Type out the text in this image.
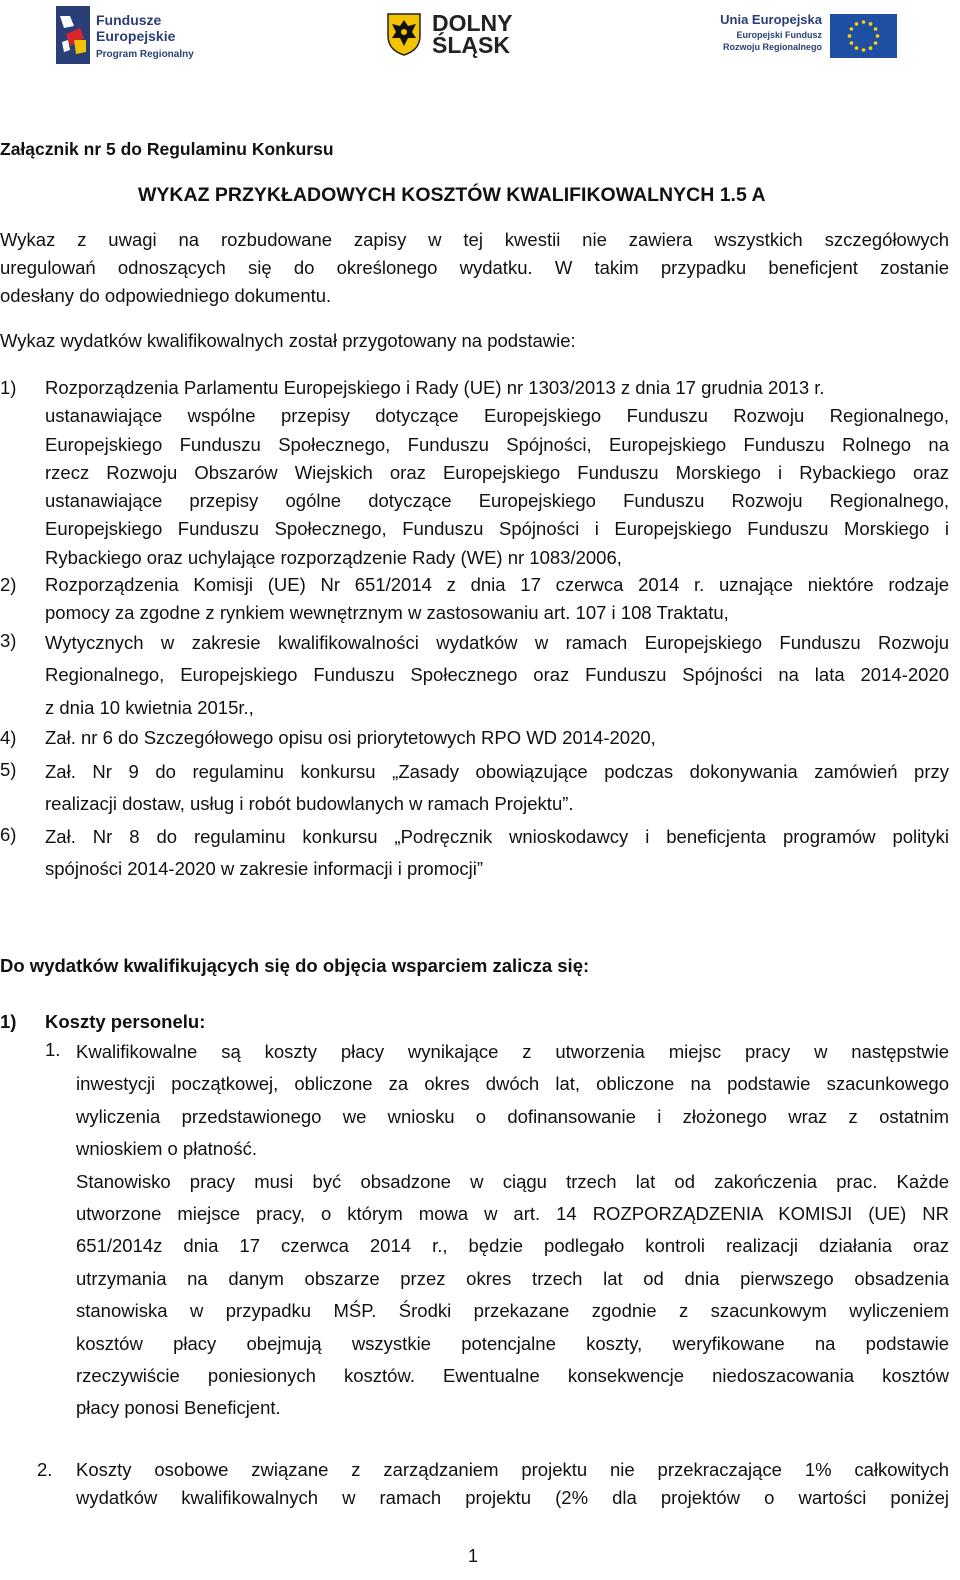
Fundusze
Europejskie
Program Regionalny
DOLNY
ŚLĄSK
Unia Europejska
Europejski Fundusz
Rozwoju Regionalnego
Załącznik nr 5 do Regulaminu Konkursu
WYKAZ PRZYKŁADOWYCH KOSZTÓW KWALIFIKOWALNYCH 1.5 A
Wykaz z uwagi na rozbudowane zapisy w tej kwestii nie zawiera wszystkich szczegółowych
uregulowań odnoszących się do określonego wydatku. W takim przypadku beneficjent zostanie
odesłany do odpowiedniego dokumentu.
Wykaz wydatków kwalifikowalnych został przygotowany na podstawie:
1) Rozporządzenia Parlamentu Europejskiego i Rady (UE) nr 1303/2013 z dnia 17 grudnia 2013 r.
ustanawiające wspólne przepisy dotyczące Europejskiego Funduszu Rozwoju Regionalnego,
Europejskiego Funduszu Społecznego, Funduszu Spójności, Europejskiego Funduszu Rolnego na
rzecz Rozwoju Obszarów Wiejskich oraz Europejskiego Funduszu Morskiego i Rybackiego oraz
ustanawiające przepisy ogólne dotyczące Europejskiego Funduszu Rozwoju Regionalnego,
Europejskiego Funduszu Społecznego, Funduszu Spójności i Europejskiego Funduszu Morskiego i
Rybackiego oraz uchylające rozporządzenie Rady (WE) nr 1083/2006,
2) Rozporządzenia Komisji (UE) Nr 651/2014 z dnia 17 czerwca 2014 r. uznające niektóre rodzaje
pomocy za zgodne z rynkiem wewnętrznym w zastosowaniu art. 107 i 108 Traktatu,
3) Wytycznych w zakresie kwalifikowalności wydatków w ramach Europejskiego Funduszu Rozwoju
Regionalnego, Europejskiego Funduszu Społecznego oraz Funduszu Spójności na lata 2014-2020
z dnia 10 kwietnia 2015r.,
4) Zał. nr 6 do Szczegółowego opisu osi priorytetowych RPO WD 2014-2020,
5) Zał. Nr 9 do regulaminu konkursu „Zasady obowiązujące podczas dokonywania zamówień przy
realizacji dostaw, usług i robót budowlanych w ramach Projektu”.
6) Zał. Nr 8 do regulaminu konkursu „Podręcznik wnioskodawcy i beneficjenta programów polityki
spójności 2014-2020 w zakresie informacji i promocji”
Do wydatków kwalifikujących się do objęcia wsparciem zalicza się:
1) Koszty personelu:
1. Kwalifikowalne są koszty płacy wynikające z utworzenia miejsc pracy w następstwie
inwestycji początkowej, obliczone za okres dwóch lat, obliczone na podstawie szacunkowego
wyliczenia przedstawionego we wniosku o dofinansowanie i złożonego wraz z ostatnim
wnioskiem o płatność.
Stanowisko pracy musi być obsadzone w ciągu trzech lat od zakończenia prac. Każde
utworzone miejsce pracy, o którym mowa w art. 14 ROZPORZĄDZENIA KOMISJI (UE) NR
651/2014z dnia 17 czerwca 2014 r., będzie podlegało kontroli realizacji działania oraz
utrzymania na danym obszarze przez okres trzech lat od dnia pierwszego obsadzenia
stanowiska w przypadku MŚP. Środki przekazane zgodnie z szacunkowym wyliczeniem
kosztów płacy obejmują wszystkie potencjalne koszty, weryfikowane na podstawie
rzeczywiście poniesionych kosztów. Ewentualne konsekwencje niedoszacowania kosztów
płacy ponosi Beneficjent.
2. Koszty osobowe związane z zarządzaniem projektu nie przekraczające 1% całkowitych
wydatków kwalifikowalnych w ramach projektu (2% dla projektów o wartości poniżej
1
